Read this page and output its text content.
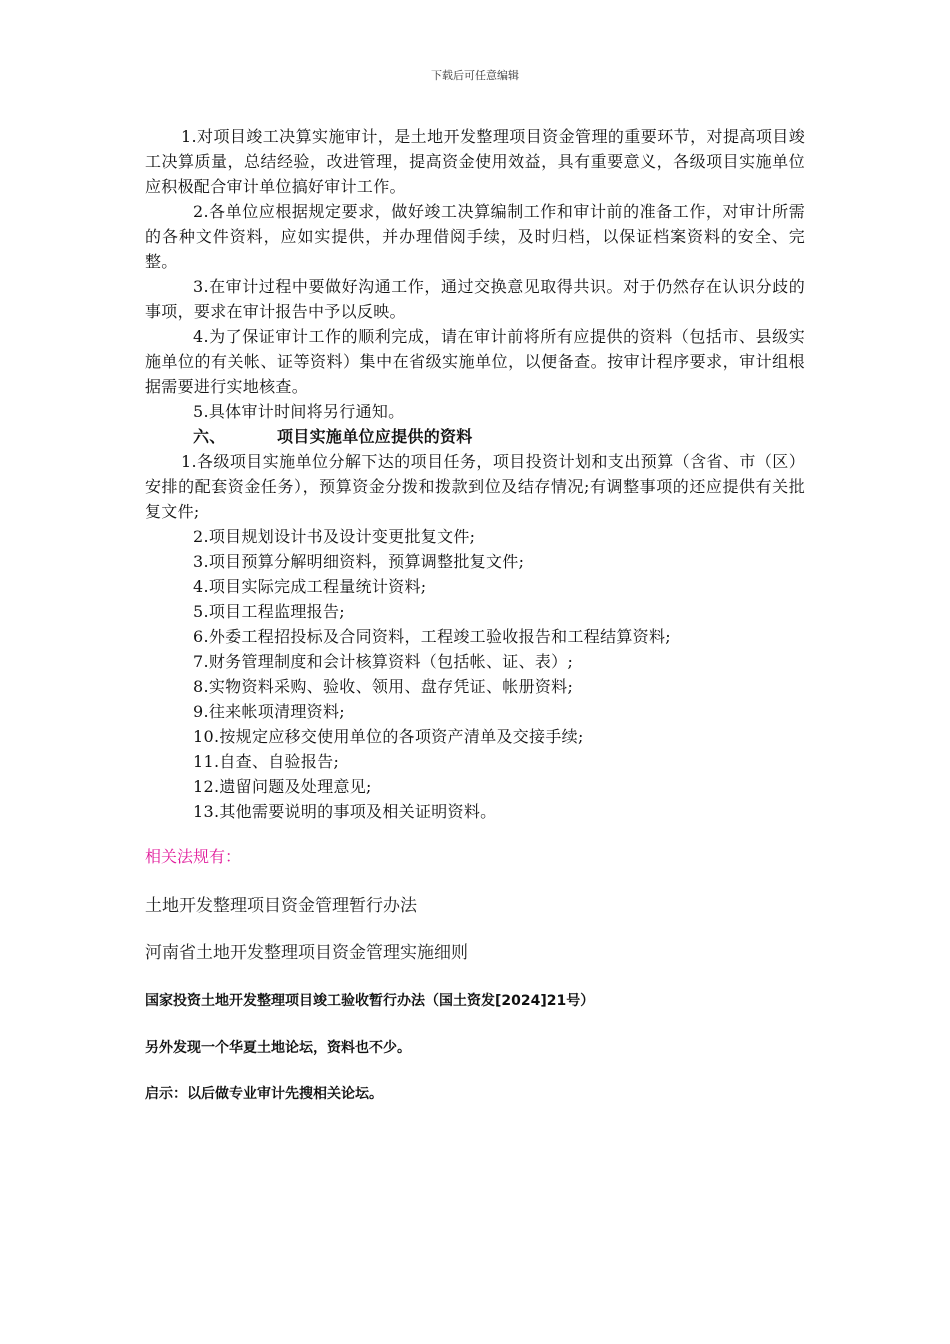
下载后可任意编辑

1.对项目竣工决算实施审计，是土地开发整理项目资金管理的重要环节，对提高项目竣工决算质量，总结经验，改进管理，提高资金使用效益，具有重要意义，各级项目实施单位应积极配合审计单位搞好审计工作。

2.各单位应根据规定要求，做好竣工决算编制工作和审计前的准备工作，对审计所需的各种文件资料，应如实提供，并办理借阅手续，及时归档，以保证档案资料的安全、完整。

3.在审计过程中要做好沟通工作，通过交换意见取得共识。对于仍然存在认识分歧的事项，要求在审计报告中予以反映。

4.为了保证审计工作的顺利完成，请在审计前将所有应提供的资料（包括市、县级实施单位的有关帐、证等资料）集中在省级实施单位，以便备查。按审计程序要求，审计组根据需要进行实地核查。

5.具体审计时间将另行通知。

六、	项目实施单位应提供的资料

1.各级项目实施单位分解下达的项目任务，项目投资计划和支出预算（含省、市（区）安排的配套资金任务），预算资金分拨和拨款到位及结存情况;有调整事项的还应提供有关批复文件;

2.项目规划设计书及设计变更批复文件;

3.项目预算分解明细资料，预算调整批复文件;

4.项目实际完成工程量统计资料;

5.项目工程监理报告;

6.外委工程招投标及合同资料，工程竣工验收报告和工程结算资料;

7.财务管理制度和会计核算资料（包括帐、证、表）;

8.实物资料采购、验收、领用、盘存凭证、帐册资料;

9.往来帐项清理资料;

10.按规定应移交使用单位的各项资产清单及交接手续;

11.自查、自验报告;

12.遗留问题及处理意见;

13.其他需要说明的事项及相关证明资料。

相关法规有：
土地开发整理项目资金管理暂行办法
河南省土地开发整理项目资金管理实施细则
国家投资土地开发整理项目竣工验收暂行办法（国土资发[2024]21号）
另外发现一个华夏土地论坛，资料也不少。
启示：以后做专业审计先搜相关论坛。
